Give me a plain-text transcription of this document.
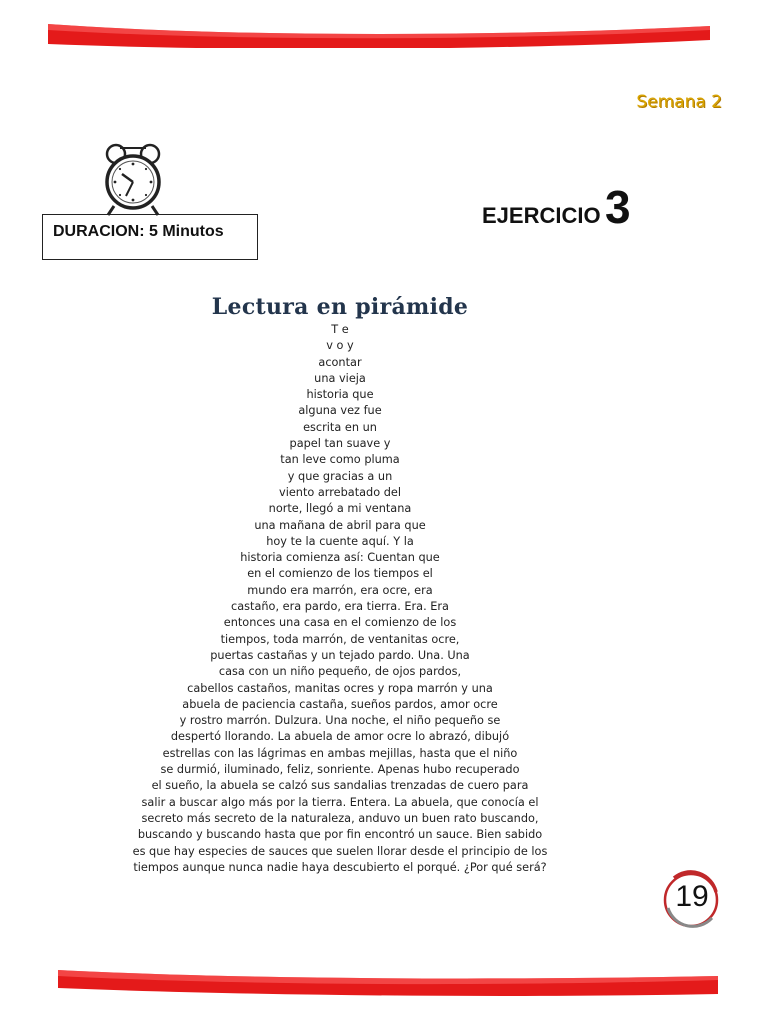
Semana 2
DURACION: 5 Minutos
EJERCICIO 3
Lectura en pirámide
T e
v o y
acontar
una vieja
historia que
alguna vez fue
escrita en un
papel tan suave y
tan leve como pluma
y que gracias a un
viento arrebatado del
norte, llegó a mi ventana
una mañana de abril para que
hoy te la cuente aquí. Y la
historia comienza así: Cuentan que
en el comienzo de los tiempos el
mundo era marrón, era ocre, era
castaño, era pardo, era tierra. Era. Era
entonces una casa en el comienzo de los
tiempos, toda marrón, de ventanitas ocre,
puertas castañas y un tejado pardo. Una. Una
casa con un niño pequeño, de ojos pardos,
cabellos castaños, manitas ocres y ropa marrón y una
abuela de paciencia castaña, sueños pardos, amor ocre
y rostro marrón. Dulzura. Una noche, el niño pequeño se
despertó llorando. La abuela de amor ocre lo abrazó, dibujó
estrellas con las lágrimas en ambas mejillas, hasta que el niño
se durmió, iluminado, feliz, sonriente. Apenas hubo recuperado
el sueño, la abuela se calzó sus sandalias trenzadas de cuero para
salir a buscar algo más por la tierra. Entera. La abuela, que conocía el
secreto más secreto de la naturaleza, anduvo un buen rato buscando,
buscando y buscando hasta que por fin encontró un sauce. Bien sabido
es que hay especies de sauces que suelen llorar desde el principio de los
tiempos aunque nunca nadie haya descubierto el porqué. ¿Por qué será?
19
